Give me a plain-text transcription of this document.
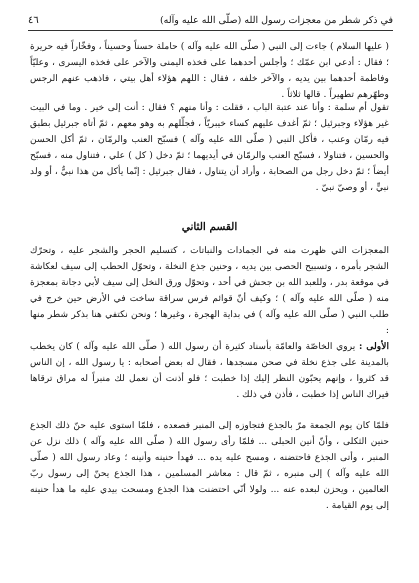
في ذكر شطر من معجزات رسول الله (صلّى الله عليه وآله)
٤٦

( عليها السلام ) جاءت إلى النبي ( صلّى الله عليه وآله ) حاملة حسناً وحسيناً ، وفخّاراً فيه حريرة ؛ فقال : أدعي ابن عمّك ؛ وأجلس أحدهما على فخذه اليمنى والآخر على فخذه اليسرى ، وعليّاً وفاطمة أحدهما بين يديه ، والآخر خلفه ، فقال : اللهم هؤلاء أهل بيتي ، فاذهب عنهم الرجس وطهّرهم تطهيراً . قالها ثلاثاً .

تقول أم سلمة : وأنا عند عتبة الباب ، فقلت : وأنا منهم ؟ فقال : أنت إلى خير . وما في البيت غير هؤلاء وجبرئيل ؛ ثمّ أغدف عليهم كساء خيبريّاً ، فجلّلهم به وهو معهم ، ثمّ أتاه جبرئيل بطبق فيه رمّان وعنب ، فأكل النبي ( صلّى الله عليه وآله ) فسبّح العنب والرمّان ، ثمّ أكل الحسن والحسين ، فتناولا ، فسبّح العنب والرمّان في أيديهما ؛ ثمّ دخل ( كل ) علي ، فتناول منه ، فسبّح أيضاً ؛ ثمّ دخل رجل من الصحابة ، وأراد أن يتناول ، فقال جبرئيل : إنّما يأكل من هذا نبيٌّ ، أو ولد نبيٍّ ، أو وصيّ نبيّ .

القسم الثاني

المعجزات التي ظهرت منه في الجمادات والنباتات ، كتسليم الحجر والشجر عليه ، وتحرّك الشجر بأمره ، وتسبيح الحصى بين يديه ، وحنين جذع النخلة ، وتحوّل الحطب إلى سيف لعكاشة في موقعة بدر ، وللعبد الله بن جحش في أحد ، وتحوّل ورق النخل إلى سيف لأبي دجانة بمعجزة منه ( صلّى الله عليه وآله ) ؛ وكيف أنّ قوائم فرس سراقة ساخت في الأرض حين خرج في طلب النبي ( صلّى الله عليه وآله ) في بداية الهجرة ، وغيرها ؛ ونحن نكتفي هنا بذكر شطر منها :

الأولى : يروي الخاصّة والعامّة بأسناد كثيرة أن رسول الله ( صلّى الله عليه وآله ) كان يخطب بالمدينة على جذع نخلة في صحن مسجدها ، فقال له بعض أصحابه : يا رسول الله ، إن الناس قد كثروا ، وإنهم يحبّون النظر إليك إذا خطبت ؛ فلو أذنت أن نعمل لك منبراً له مراق ترقاها فيراك الناس إذا خطبت ، فأذن في ذلك .

فلمّا كان يوم الجمعة مرّ بالجذع فتجاوزه إلى المنبر فصعده ، فلمّا استوى عليه حنّ ذلك الجذع حنين الثكلى ، وأنّ أنين الحبلى ... فلمّا رأى رسول الله ( صلّى الله عليه وآله ) ذلك نزل عن المنبر ، وأتى الجذع فاحتضنه ، ومسح عليه يده ... فهدأ حنينه وأنينه ؛ وعاد رسول الله ( صلّى الله عليه وآله ) إلى منبره ، ثمّ قال : معاشر المسلمين ، هذا الجذع يحنّ إلى رسول ربّ العالمين ، ويحزن لبعده عنه ... ولولا أنّي احتضنت هذا الجذع ومسحت بيدي عليه ما هدأ حنينه إلى يوم القيامة .
